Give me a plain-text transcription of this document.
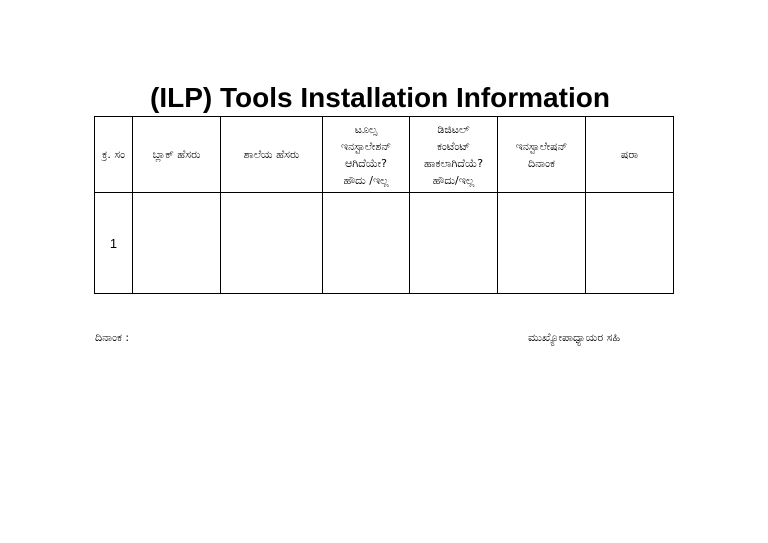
(ILP) Tools Installation Information
ಕ್ರ. ಸಂ	ಬ್ಲಾಕ್ ಹೆಸರು	ಶಾಲೆಯ ಹೆಸರು	ಟೂಲ್ಸ
ಇನಸ್ಟಾಲೇಶನ್
ಆಗಿದೆಯೇ?
ಹೌದು /ಇಲ್ಲ	ಡಿಜಿಟಲ್
ಕಂಟೆಂಟ್
ಹಾಕಲಾಗಿದೆಯೆ?
ಹೌದು/ಇಲ್ಲ	ಇನಸ್ಟಾಲೇಷನ್
ದಿನಾಂಕ	ಷರಾ

1						
ದಿನಾಂಕ :	ಮುಖ್ಯೋಪಾಧ್ಯಾಯರ ಸಹಿ
